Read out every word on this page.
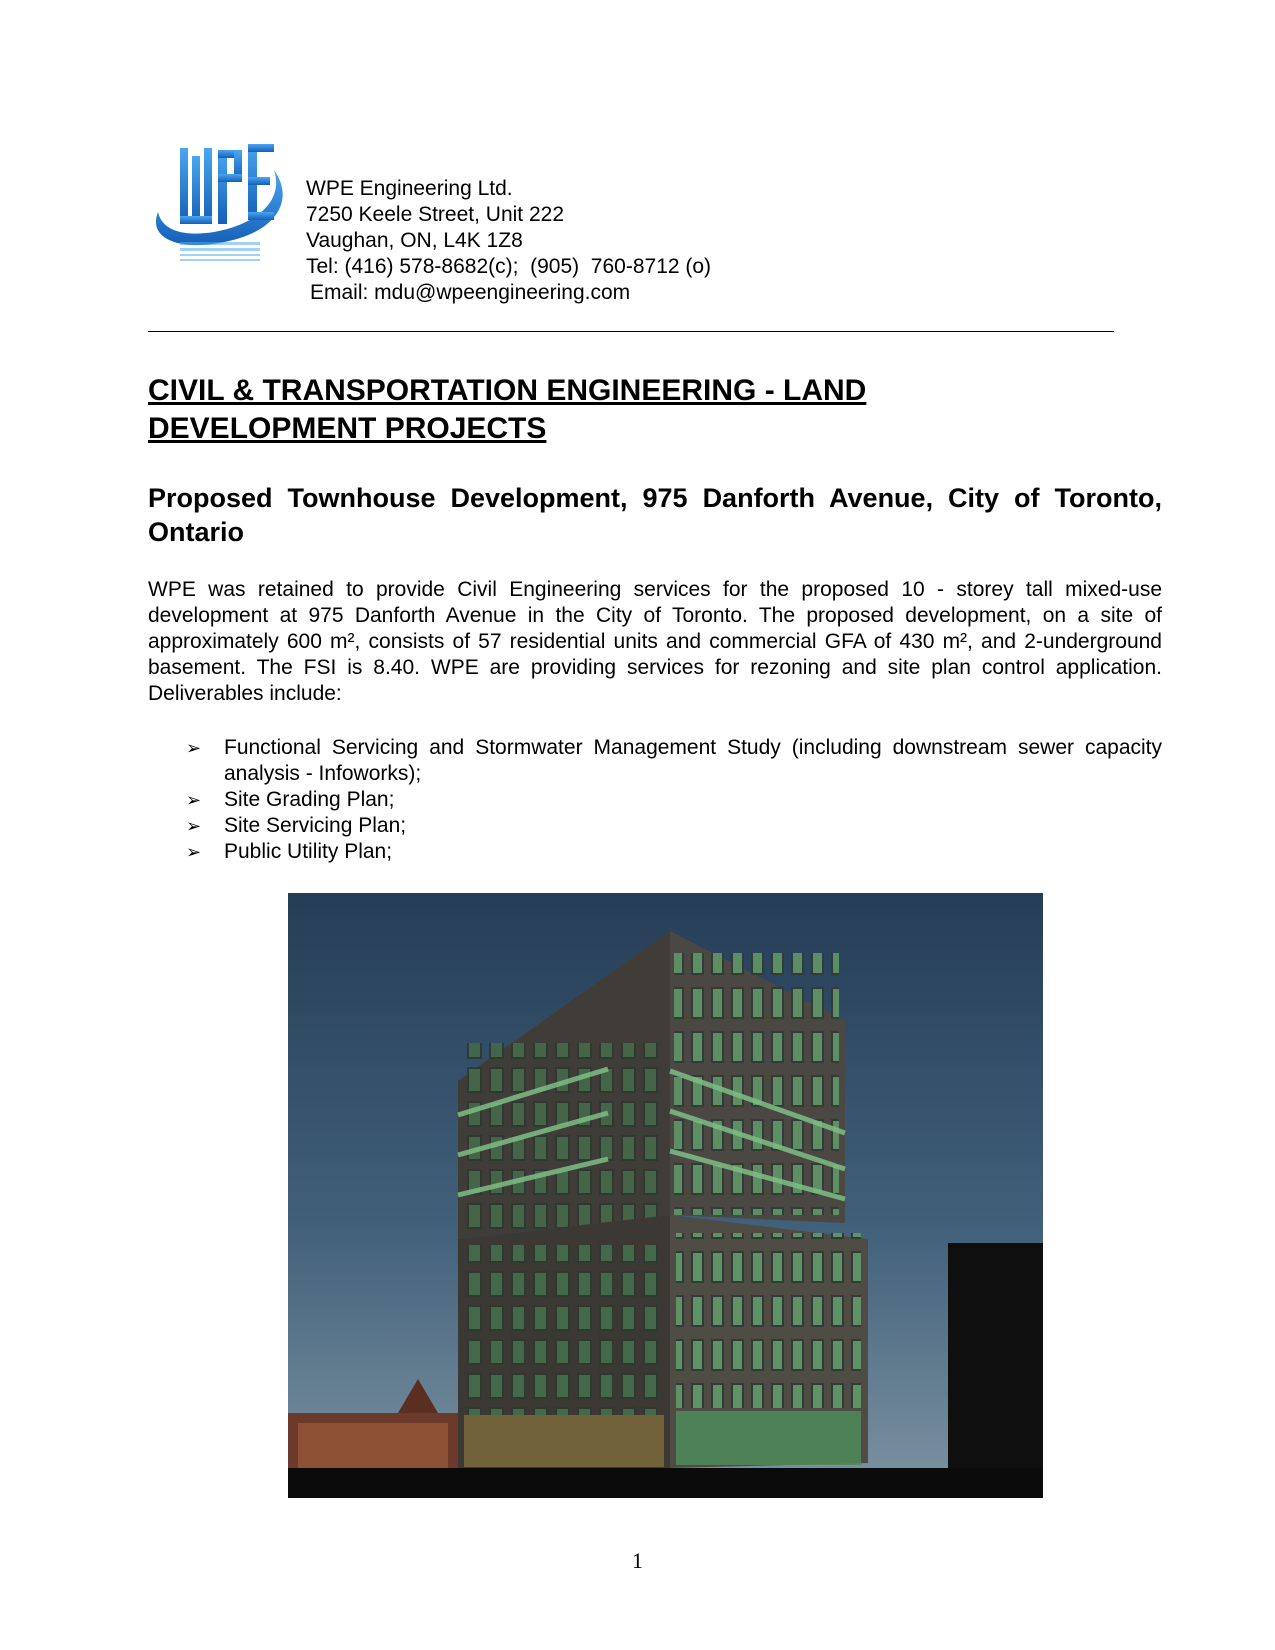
WPE Engineering Ltd.
7250 Keele Street, Unit 222
Vaughan, ON, L4K 1Z8
Tel: (416) 578-8682(c);  (905)  760-8712 (o)
Email: mdu@wpeengineering.com
CIVIL & TRANSPORTATION ENGINEERING - LAND
DEVELOPMENT PROJECTS
Proposed Townhouse Development, 975 Danforth Avenue, City of Toronto, Ontario
WPE was retained to provide Civil Engineering services for the proposed 10 - storey tall mixed-use development at 975 Danforth Avenue in the City of Toronto. The proposed development, on a site of approximately 600 m², consists of 57 residential units and commercial GFA of 430 m², and 2-underground basement. The FSI is 8.40. WPE are providing services for rezoning and site plan control application. Deliverables include:
➢ Functional Servicing and Stormwater Management Study (including downstream sewer capacity analysis - Infoworks);
➢ Site Grading Plan;
➢ Site Servicing Plan;
➢ Public Utility Plan;
1
